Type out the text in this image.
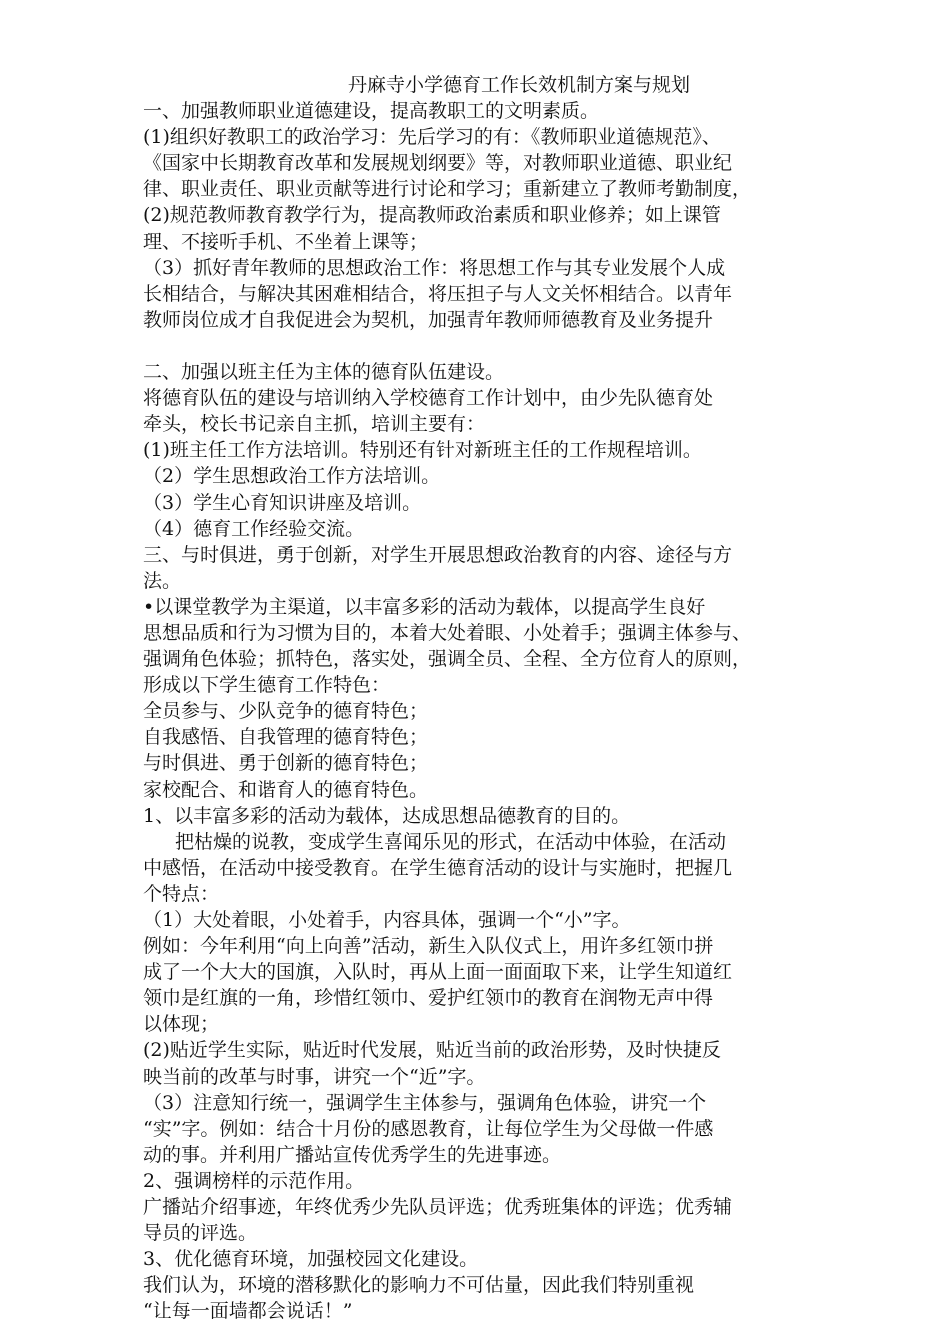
丹麻寺小学德育工作长效机制方案与规划
一、加强教师职业道德建设，提高教职工的文明素质。
(1)组织好教职工的政治学习：先后学习的有：《教师职业道德规范》、
《国家中长期教育改革和发展规划纲要》等，对教师职业道德、职业纪
律、职业责任、职业贡献等进行讨论和学习；重新建立了教师考勤制度，
(2)规范教师教育教学行为，提高教师政治素质和职业修养；如上课管
理、不接听手机、不坐着上课等；
（3）抓好青年教师的思想政治工作：将思想工作与其专业发展个人成
长相结合，与解决其困难相结合，将压担子与人文关怀相结合。以青年
教师岗位成才自我促进会为契机，加强青年教师师德教育及业务提升
二、加强以班主任为主体的德育队伍建设。
将德育队伍的建设与培训纳入学校德育工作计划中，由少先队德育处
牵头，校长书记亲自主抓，培训主要有：
(1)班主任工作方法培训。特别还有针对新班主任的工作规程培训。
（2）学生思想政治工作方法培训。
（3）学生心育知识讲座及培训。
（4）德育工作经验交流。
三、与时俱进，勇于创新，对学生开展思想政治教育的内容、途径与方
法。
•以课堂教学为主渠道，以丰富多彩的活动为载体，以提高学生良好
思想品质和行为习惯为目的，本着大处着眼、小处着手；强调主体参与、
强调角色体验；抓特色，落实处，强调全员、全程、全方位育人的原则，
形成以下学生德育工作特色：
全员参与、少队竞争的德育特色；
自我感悟、自我管理的德育特色；
与时俱进、勇于创新的德育特色；
家校配合、和谐育人的德育特色。
1、以丰富多彩的活动为载体，达成思想品德教育的目的。
把枯燥的说教，变成学生喜闻乐见的形式，在活动中体验，在活动
中感悟，在活动中接受教育。在学生德育活动的设计与实施时，把握几
个特点：
（1）大处着眼，小处着手，内容具体，强调一个“小”字。
例如：今年利用“向上向善”活动，新生入队仪式上，用许多红领巾拼
成了一个大大的国旗，入队时，再从上面一面面取下来，让学生知道红
领巾是红旗的一角，珍惜红领巾、爱护红领巾的教育在润物无声中得
以体现；
(2)贴近学生实际，贴近时代发展，贴近当前的政治形势，及时快捷反
映当前的改革与时事，讲究一个“近”字。
（3）注意知行统一，强调学生主体参与，强调角色体验，讲究一个
“实”字。例如：结合十月份的感恩教育，让每位学生为父母做一件感
动的事。并利用广播站宣传优秀学生的先进事迹。
2、强调榜样的示范作用。
广播站介绍事迹，年终优秀少先队员评选；优秀班集体的评选；优秀辅
导员的评选。
3、优化德育环境，加强校园文化建设。
我们认为，环境的潜移默化的影响力不可估量，因此我们特别重视
“让每一面墙都会说话！”
